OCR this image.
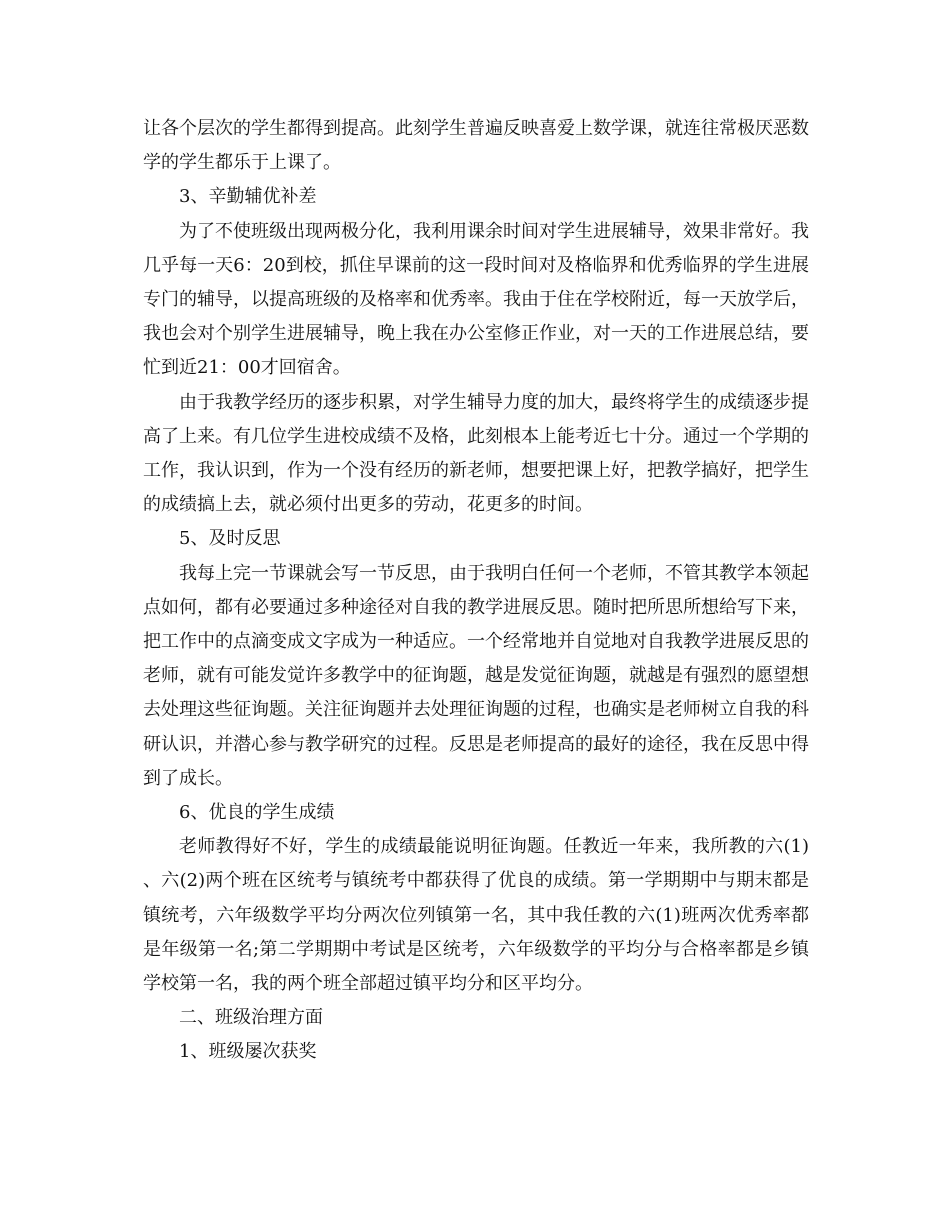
让各个层次的学生都得到提高。此刻学生普遍反映喜爱上数学课，就连往常极厌恶数学的学生都乐于上课了。

3、辛勤辅优补差

为了不使班级出现两极分化，我利用课余时间对学生进展辅导，效果非常好。我几乎每一天6：20到校，抓住早课前的这一段时间对及格临界和优秀临界的学生进展专门的辅导，以提高班级的及格率和优秀率。我由于住在学校附近，每一天放学后，我也会对个别学生进展辅导，晚上我在办公室修正作业，对一天的工作进展总结，要忙到近21：00才回宿舍。

由于我教学经历的逐步积累，对学生辅导力度的加大，最终将学生的成绩逐步提高了上来。有几位学生进校成绩不及格，此刻根本上能考近七十分。通过一个学期的工作，我认识到，作为一个没有经历的新老师，想要把课上好，把教学搞好，把学生的成绩搞上去，就必须付出更多的劳动，花更多的时间。

5、及时反思

我每上完一节课就会写一节反思，由于我明白任何一个老师，不管其教学本领起点如何，都有必要通过多种途径对自我的教学进展反思。随时把所思所想给写下来，把工作中的点滴变成文字成为一种适应。一个经常地并自觉地对自我教学进展反思的老师，就有可能发觉许多教学中的征询题，越是发觉征询题，就越是有强烈的愿望想去处理这些征询题。关注征询题并去处理征询题的过程，也确实是老师树立自我的科研认识，并潜心参与教学研究的过程。反思是老师提高的最好的途径，我在反思中得到了成长。

6、优良的学生成绩

老师教得好不好，学生的成绩最能说明征询题。任教近一年来，我所教的六(1)、六(2)两个班在区统考与镇统考中都获得了优良的成绩。第一学期期中与期末都是镇统考，六年级数学平均分两次位列镇第一名，其中我任教的六(1)班两次优秀率都是年级第一名;第二学期期中考试是区统考，六年级数学的平均分与合格率都是乡镇学校第一名，我的两个班全部超过镇平均分和区平均分。

二、班级治理方面

1、班级屡次获奖
